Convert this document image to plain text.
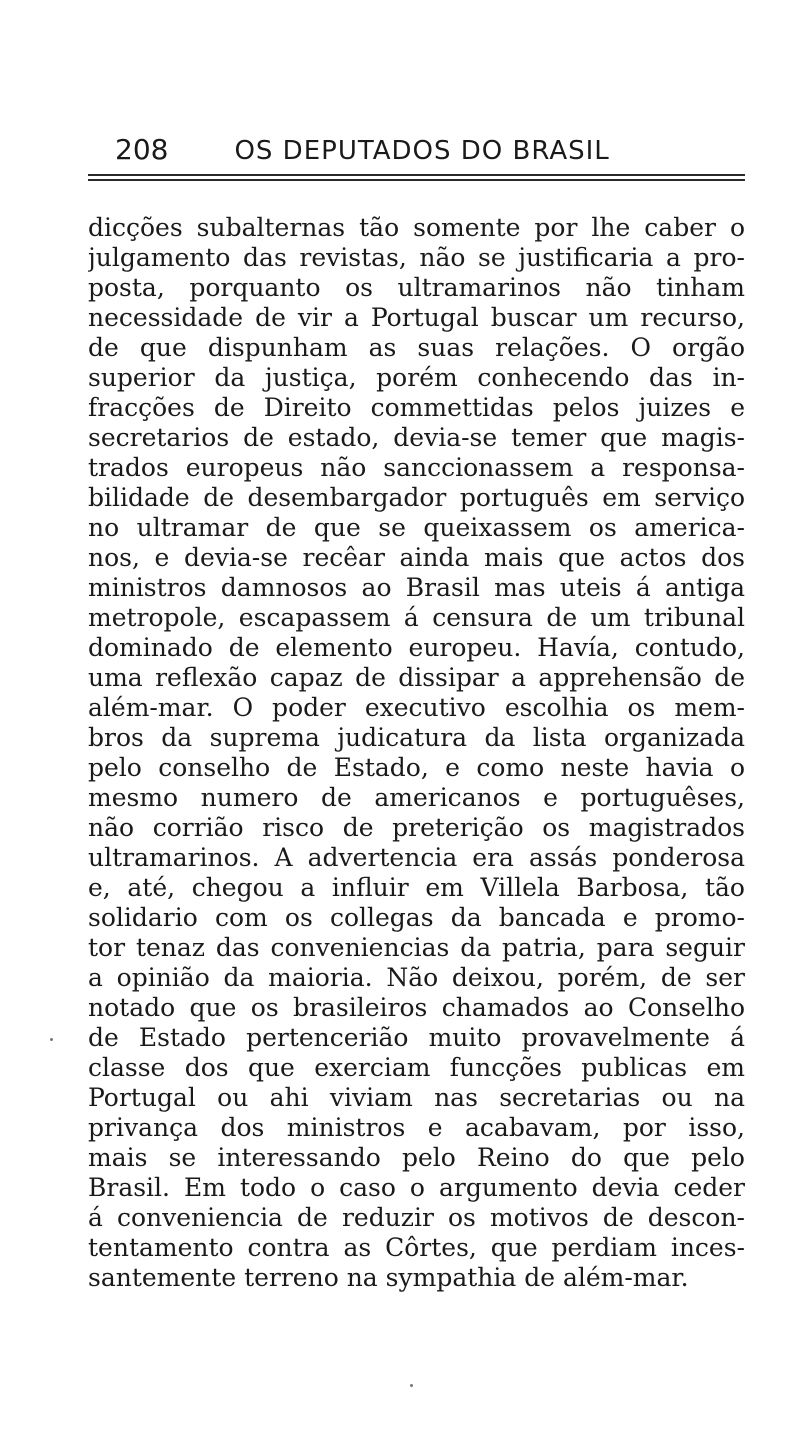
208	OS DEPUTADOS DO BRASIL
dicções subalternas tão somente por lhe caber o
julgamento das revistas, não se justificaria a pro-
posta, porquanto os ultramarinos não tinham
necessidade de vir a Portugal buscar um recurso,
de que dispunham as suas relações. O orgão
superior da justiça, porém conhecendo das in-
fracções de Direito commettidas pelos juizes e
secretarios de estado, devia-se temer que magis-
trados europeus não sanccionassem a responsa-
bilidade de desembargador português em serviço
no ultramar de que se queixassem os america-
nos, e devia-se recêar ainda mais que actos dos
ministros damnosos ao Brasil mas uteis á antiga
metropole, escapassem á censura de um tribunal
dominado de elemento europeu. Havía, contudo,
uma reflexão capaz de dissipar a apprehensão de
além-mar. O poder executivo escolhia os mem-
bros da suprema judicatura da lista organizada
pelo conselho de Estado, e como neste havia o
mesmo numero de americanos e portuguêses,
não corrião risco de preterição os magistrados
ultramarinos. A advertencia era assás ponderosa
e, até, chegou a influir em Villela Barbosa, tão
solidario com os collegas da bancada e promo-
tor tenaz das conveniencias da patria, para seguir
a opinião da maioria. Não deixou, porém, de ser
notado que os brasileiros chamados ao Conselho
de Estado pertencerião muito provavelmente á
classe dos que exerciam funcções publicas em
Portugal ou ahi viviam nas secretarias ou na
privança dos ministros e acabavam, por isso,
mais se interessando pelo Reino do que pelo
Brasil. Em todo o caso o argumento devia ceder
á conveniencia de reduzir os motivos de descon-
tentamento contra as Côrtes, que perdiam inces-
santemente terreno na sympathia de além-mar.
